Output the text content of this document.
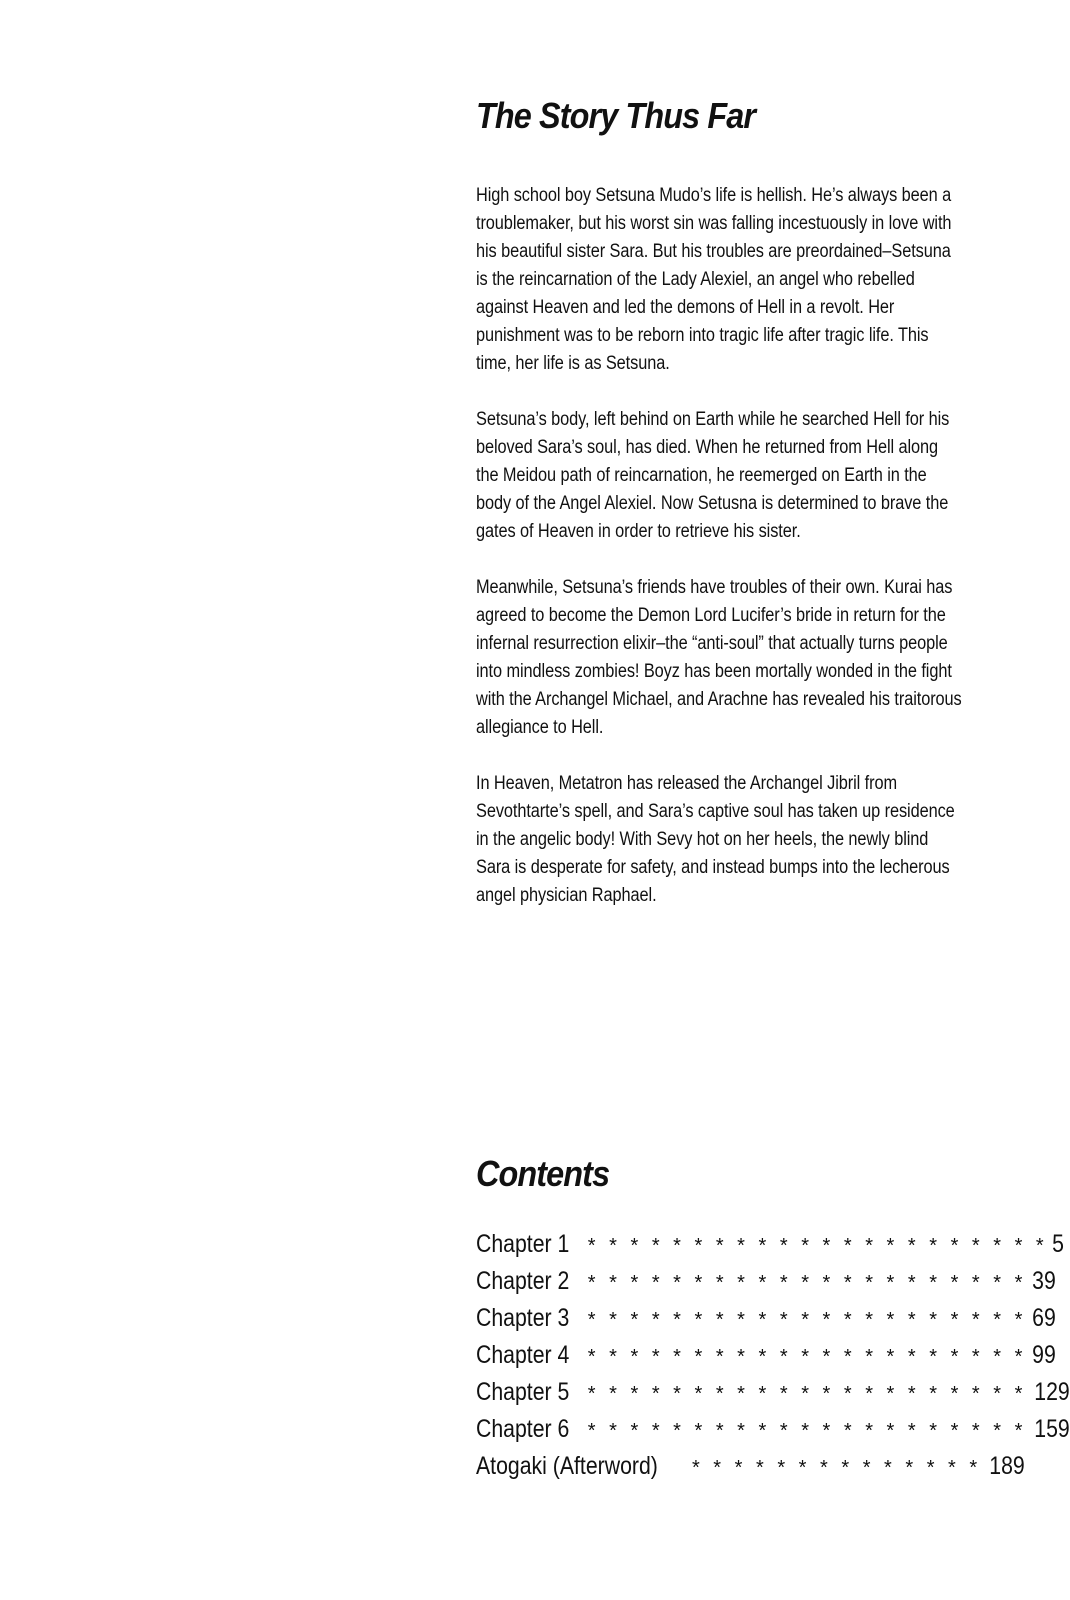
The Story Thus Far

High school boy Setsuna Mudo’s life is hellish. He’s always been a troublemaker, but his worst sin was falling incestuously in love with his beautiful sister Sara. But his troubles are preordained–Setsuna is the reincarnation of the Lady Alexiel, an angel who rebelled against Heaven and led the demons of Hell in a revolt. Her punishment was to be reborn into tragic life after tragic life. This time, her life is as Setsuna.

Setsuna’s body, left behind on Earth while he searched Hell for his beloved Sara’s soul, has died. When he returned from Hell along the Meidou path of reincarnation, he reemerged on Earth in the body of the Angel Alexiel. Now Setusna is determined to brave the gates of Heaven in order to retrieve his sister.

Meanwhile, Setsuna’s friends have troubles of their own. Kurai has agreed to become the Demon Lord Lucifer’s bride in return for the infernal resurrection elixir–the “anti-soul” that actually turns people into mindless zombies! Boyz has been mortally wonded in the fight with the Archangel Michael, and Arachne has revealed his traitorous allegiance to Hell.

In Heaven, Metatron has released the Archangel Jibril from Sevothtarte’s spell, and Sara’s captive soul has taken up residence in the angelic body! With Sevy hot on her heels, the newly blind Sara is desperate for safety, and instead bumps into the lecherous angel physician Raphael.

Contents
Chapter 1 * * * * * * * * * * * * * * * * * * * * * * 5
Chapter 2 * * * * * * * * * * * * * * * * * * * * * 39
Chapter 3 * * * * * * * * * * * * * * * * * * * * * 69
Chapter 4 * * * * * * * * * * * * * * * * * * * * * 99
Chapter 5 * * * * * * * * * * * * * * * * * * * * * 129
Chapter 6 * * * * * * * * * * * * * * * * * * * * * 159
Atogaki (Afterword) * * * * * * * * * * * * * * 189
